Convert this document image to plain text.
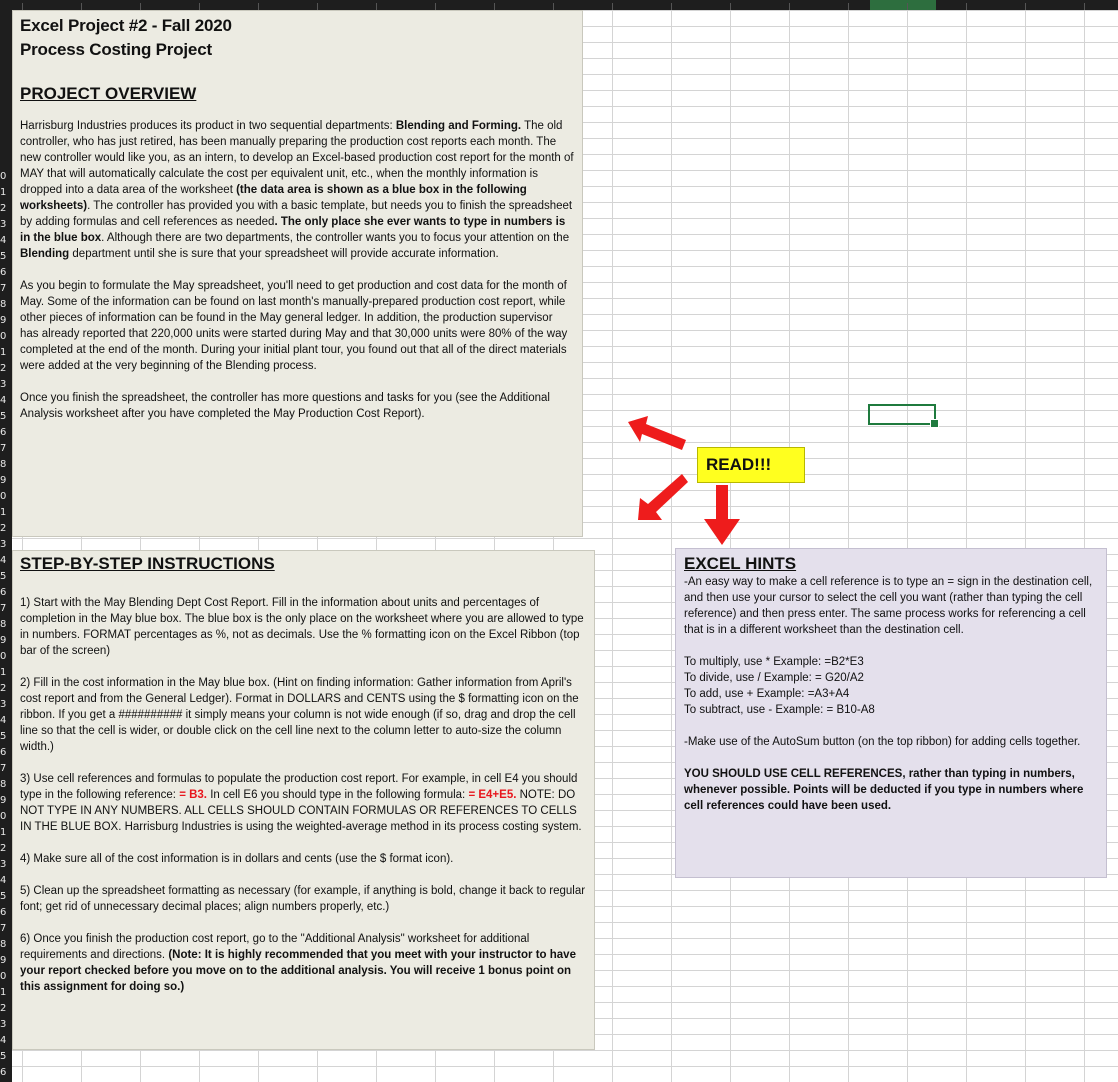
0
1
2
3
4
5
6
7
8
9
0
1
2
3
4
5
6
7
8
9
0
1
2
3
4
5
6
7
8
9
0
1
2
3
4
5
6
7
8
9
0
1
2
3
4
5
6
7
8
9
0
1
2
3
4
5
6
Excel Project #2 - Fall 2020
Process Costing Project
PROJECT OVERVIEW

Harrisburg Industries produces its product in two sequential departments: Blending and Forming. The old controller, who has just retired, has been manually preparing the production cost reports each month. The new controller would like you, as an intern, to develop an Excel-based production cost report for the month of MAY that will automatically calculate the cost per equivalent unit, etc., when the monthly information is dropped into a data area of the worksheet (the data area is shown as a blue box in the following worksheets). The controller has provided you with a basic template, but needs you to finish the spreadsheet by adding formulas and cell references as needed. The only place she ever wants to type in numbers is in the blue box. Although there are two departments, the controller wants you to focus your attention on the Blending department until she is sure that your spreadsheet will provide accurate information.

As you begin to formulate the May spreadsheet, you'll need to get production and cost data for the month of May. Some of the information can be found on last month's manually-prepared production cost report, while other pieces of information can be found in the May general ledger. In addition, the production supervisor has already reported that 220,000 units were started during May and that 30,000 units were 80% of the way completed at the end of the month. During your initial plant tour, you found out that all of the direct materials were added at the very beginning of the Blending process.

Once you finish the spreadsheet, the controller has more questions and tasks for you (see the Additional Analysis worksheet after you have completed the May Production Cost Report).

STEP-BY-STEP INSTRUCTIONS

1) Start with the May Blending Dept Cost Report. Fill in the information about units and percentages of completion in the May blue box. The blue box is the only place on the worksheet where you are allowed to type in numbers. FORMAT percentages as %, not as decimals. Use the % formatting icon on the Excel Ribbon (top bar of the screen)

2) Fill in the cost information in the May blue box. (Hint on finding information: Gather information from April's cost report and from the General Ledger). Format in DOLLARS and CENTS using the $ formatting icon on the ribbon. If you get a ########## it simply means your column is not wide enough (if so, drag and drop the cell line so that the cell is wider, or double click on the cell line next to the column letter to auto-size the column width.)

3) Use cell references and formulas to populate the production cost report. For example, in cell E4 you should type in the following reference: = B3. In cell E6 you should type in the following formula: = E4+E5. NOTE: DO NOT TYPE IN ANY NUMBERS. ALL CELLS SHOULD CONTAIN FORMULAS OR REFERENCES TO CELLS IN THE BLUE BOX. Harrisburg Industries is using the weighted-average method in its process costing system.

4) Make sure all of the cost information is in dollars and cents (use the $ format icon).

5) Clean up the spreadsheet formatting as necessary (for example, if anything is bold, change it back to regular font; get rid of unnecessary decimal places; align numbers properly, etc.)

6) Once you finish the production cost report, go to the "Additional Analysis" worksheet for additional requirements and directions. (Note: It is highly recommended that you meet with your instructor to have your report checked before you move on to the additional analysis. You will receive 1 bonus point on this assignment for doing so.)

EXCEL HINTS

-An easy way to make a cell reference is to type an = sign in the destination cell, and then use your cursor to select the cell you want (rather than typing the cell reference) and then press enter. The same process works for referencing a cell that is in a different worksheet than the destination cell.

To multiply, use * Example: =B2*E3

To divide, use / Example: = G20/A2

To add, use + Example: =A3+A4

To subtract, use - Example: = B10-A8

-Make use of the AutoSum button (on the top ribbon) for adding cells together.

YOU SHOULD USE CELL REFERENCES, rather than typing in numbers, whenever possible. Points will be deducted if you type in numbers where cell references could have been used.

READ!!!
